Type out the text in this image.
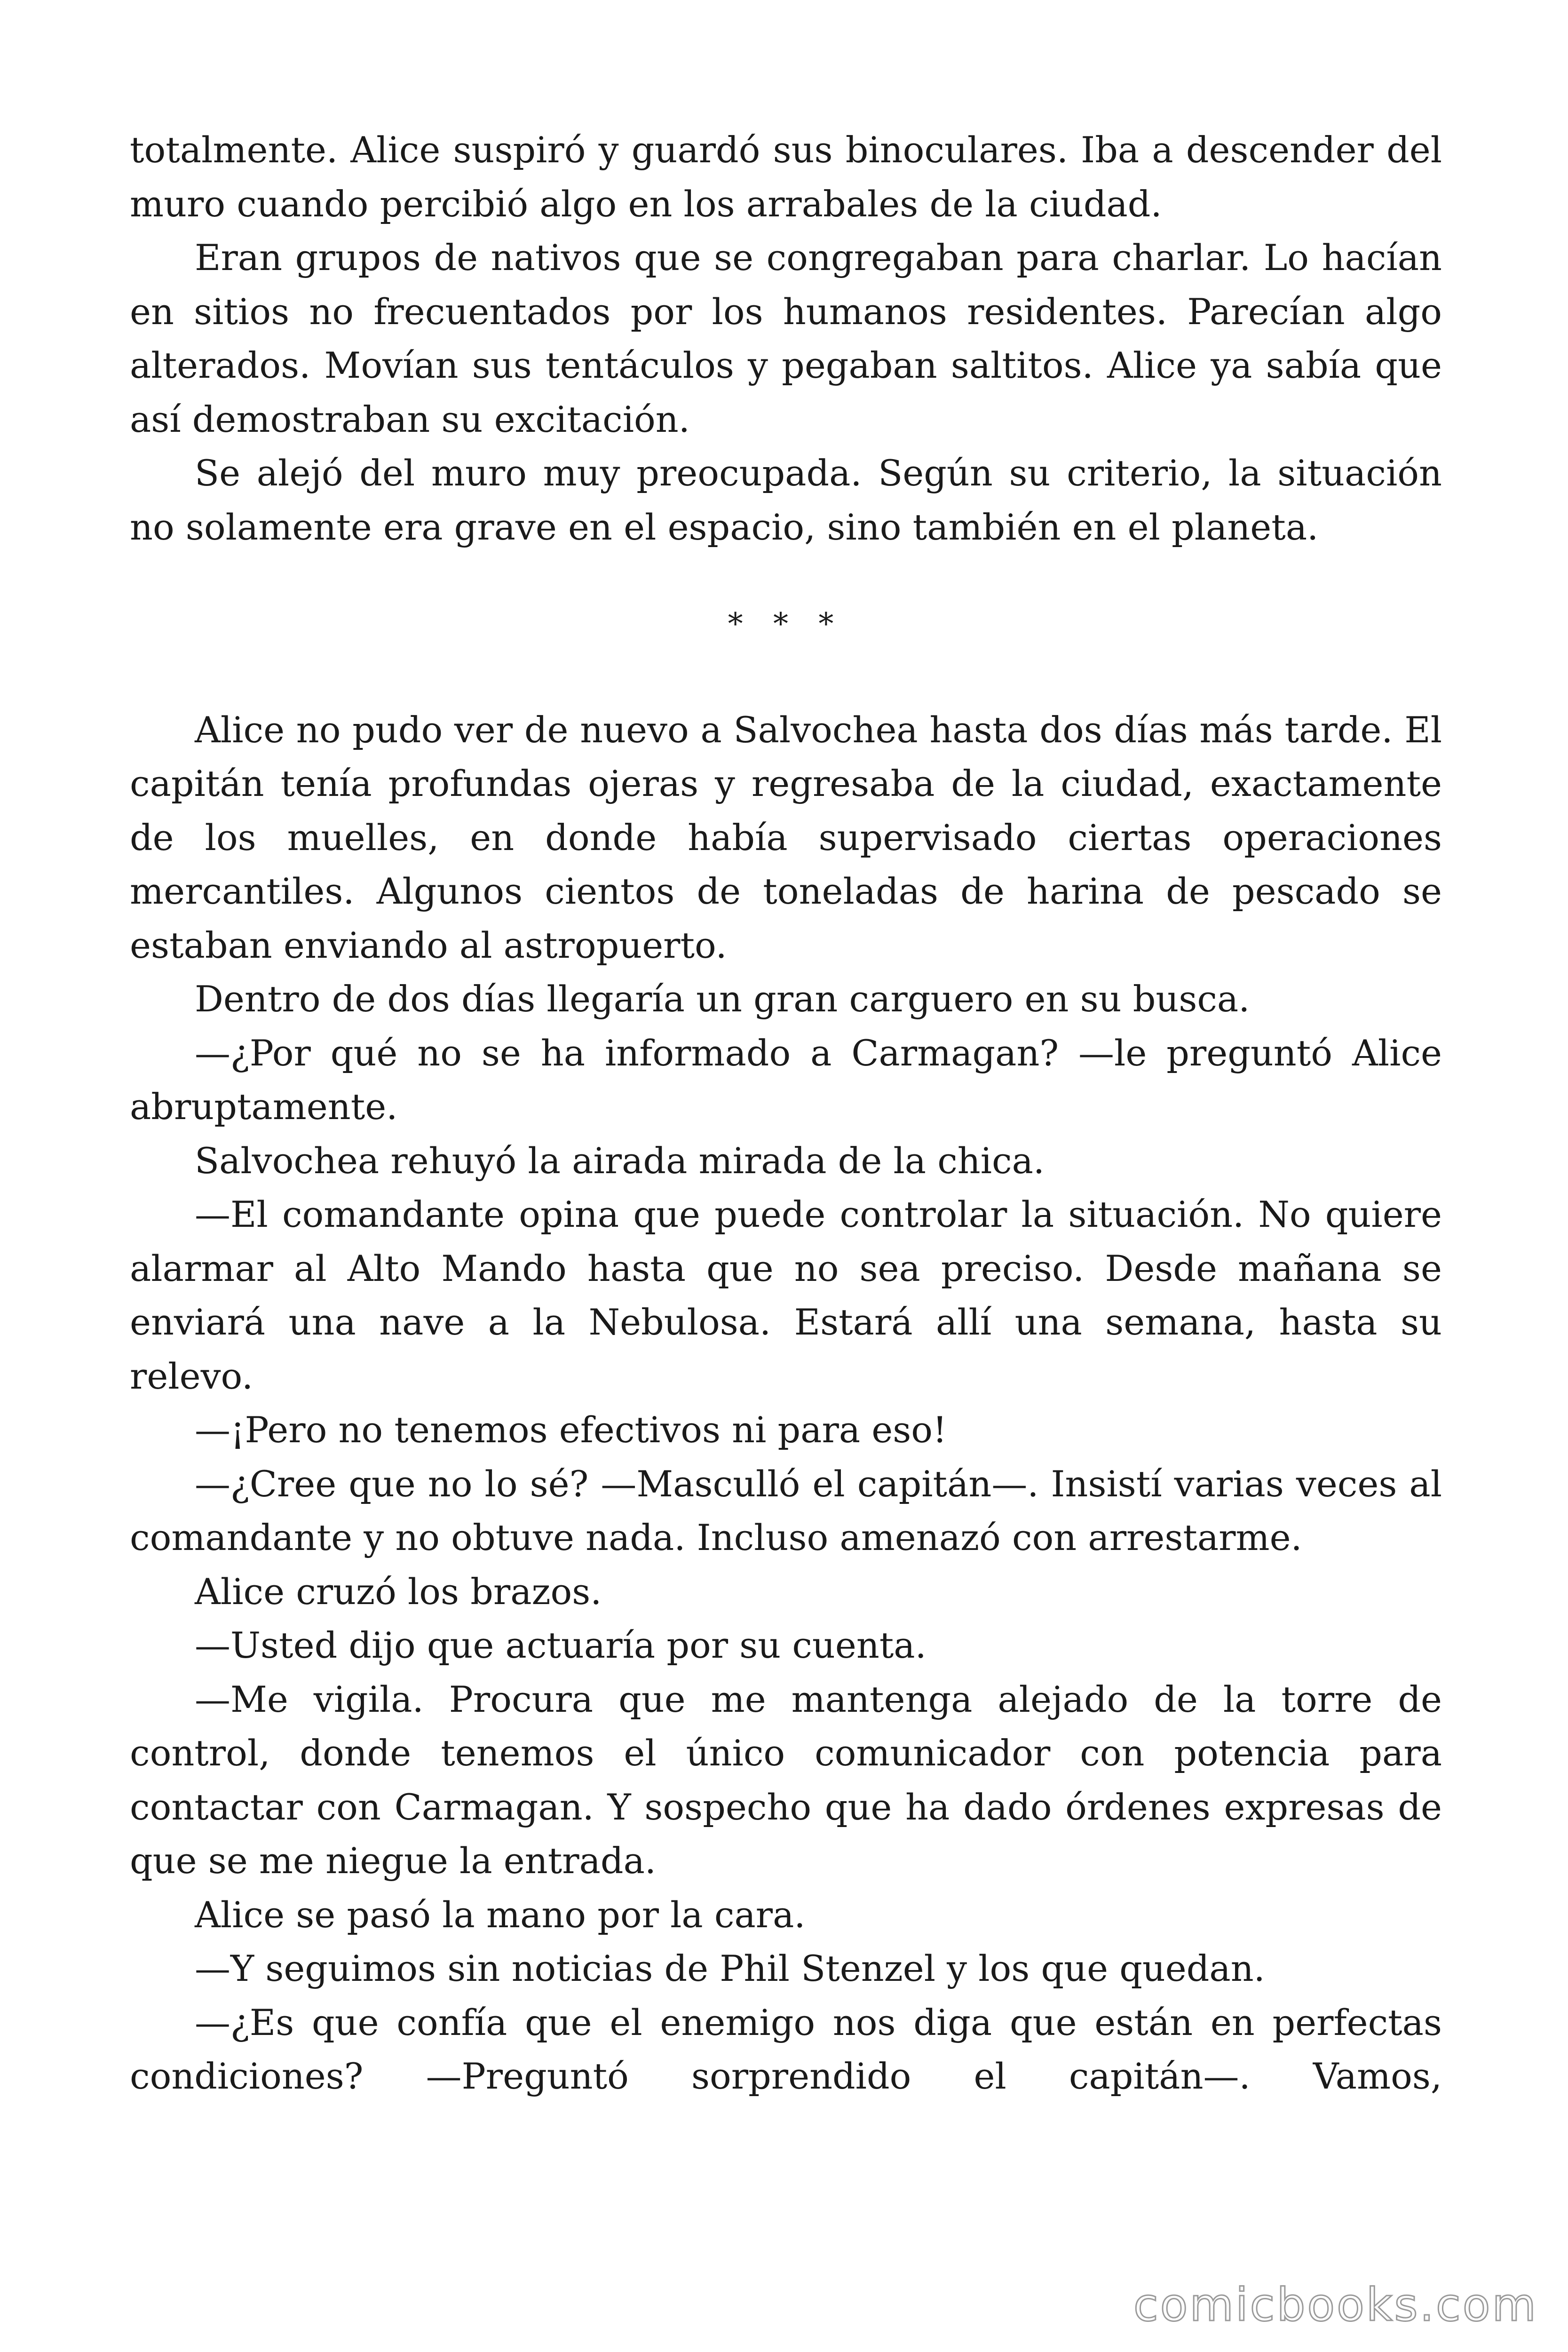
totalmente. Alice suspiró y guardó sus binoculares. Iba a descender del muro cuando percibió algo en los arrabales de la ciudad.

Eran grupos de nativos que se congregaban para charlar. Lo hacían en sitios no frecuentados por los humanos residentes. Parecían algo alterados. Movían sus tentáculos y pegaban saltitos. Alice ya sabía que así demostraban su excitación.

Se alejó del muro muy preocupada. Según su criterio, la situación no solamente era grave en el espacio, sino también en el planeta.

* * *

Alice no pudo ver de nuevo a Salvochea hasta dos días más tarde. El capitán tenía profundas ojeras y regresaba de la ciudad, exactamente de los muelles, en donde había supervisado ciertas operaciones mercantiles. Algunos cientos de toneladas de harina de pescado se estaban enviando al astropuerto.

Dentro de dos días llegaría un gran carguero en su busca.

—¿Por qué no se ha informado a Carmagan? —le preguntó Alice abruptamente.

Salvochea rehuyó la airada mirada de la chica.

—El comandante opina que puede controlar la situación. No quiere alarmar al Alto Mando hasta que no sea preciso. Desde mañana se enviará una nave a la Nebulosa. Estará allí una semana, hasta su relevo.

—¡Pero no tenemos efectivos ni para eso!

—¿Cree que no lo sé? —Masculló el capitán—. Insistí varias veces al comandante y no obtuve nada. Incluso amenazó con arrestarme.

Alice cruzó los brazos.

—Usted dijo que actuaría por su cuenta.

—Me vigila. Procura que me mantenga alejado de la torre de control, donde tenemos el único comunicador con potencia para contactar con Carmagan. Y sospecho que ha dado órdenes expresas de que se me niegue la entrada.

Alice se pasó la mano por la cara.

—Y seguimos sin noticias de Phil Stenzel y los que quedan.

—¿Es que confía que el enemigo nos diga que están en perfectas condiciones? —Preguntó sorprendido el capitán—. Vamos,

comicbooks.com
